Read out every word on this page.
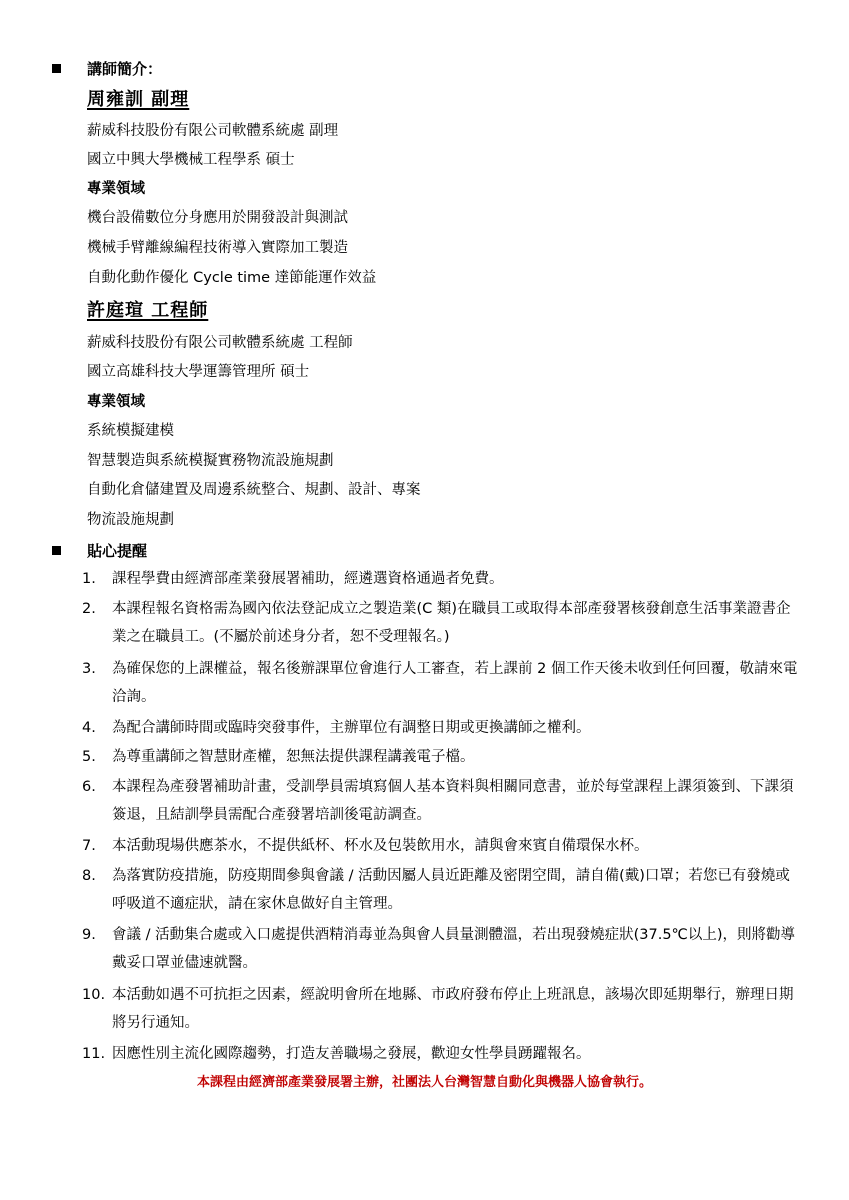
講師簡介：
周雍訓 副理
薪威科技股份有限公司軟體系統處 副理
國立中興大學機械工程學系 碩士
專業領域
機台設備數位分身應用於開發設計與測試
機械手臂離線編程技術導入實際加工製造
自動化動作優化 Cycle time 達節能運作效益
許庭瑄 工程師
薪威科技股份有限公司軟體系統處 工程師
國立高雄科技大學運籌管理所 碩士
專業領域
系統模擬建模
智慧製造與系統模擬實務物流設施規劃
自動化倉儲建置及周邊系統整合、規劃、設計、專案
物流設施規劃
貼心提醒
1.	課程學費由經濟部產業發展署補助，經遴選資格通過者免費。
2.	本課程報名資格需為國內依法登記成立之製造業(C 類)在職員工或取得本部產發署核發創意生活事業證書企業之在職員工。(不屬於前述身分者，恕不受理報名。)
3.	為確保您的上課權益，報名後辦課單位會進行人工審查，若上課前 2 個工作天後未收到任何回覆，敬請來電洽詢。
4.	為配合講師時間或臨時突發事件，主辦單位有調整日期或更換講師之權利。
5.	為尊重講師之智慧財產權，恕無法提供課程講義電子檔。
6.	本課程為產發署補助計畫，受訓學員需填寫個人基本資料與相關同意書，並於每堂課程上課須簽到、下課須簽退，且結訓學員需配合產發署培訓後電訪調查。
7.	本活動現場供應茶水，不提供紙杯、杯水及包裝飲用水，請與會來賓自備環保水杯。
8.	為落實防疫措施，防疫期間參與會議 / 活動因屬人員近距離及密閉空間，請自備(戴)口罩；若您已有發燒或呼吸道不適症狀，請在家休息做好自主管理。
9.	會議 / 活動集合處或入口處提供酒精消毒並為與會人員量測體溫，若出現發燒症狀(37.5℃以上)，則將勸導戴妥口罩並儘速就醫。
10. 本活動如遇不可抗拒之因素，經說明會所在地縣、市政府發布停止上班訊息，該場次即延期舉行，辦理日期將另行通知。
11. 因應性別主流化國際趨勢，打造友善職場之發展，歡迎女性學員踴躍報名。
本課程由經濟部產業發展署主辦，社團法人台灣智慧自動化與機器人協會執行。
